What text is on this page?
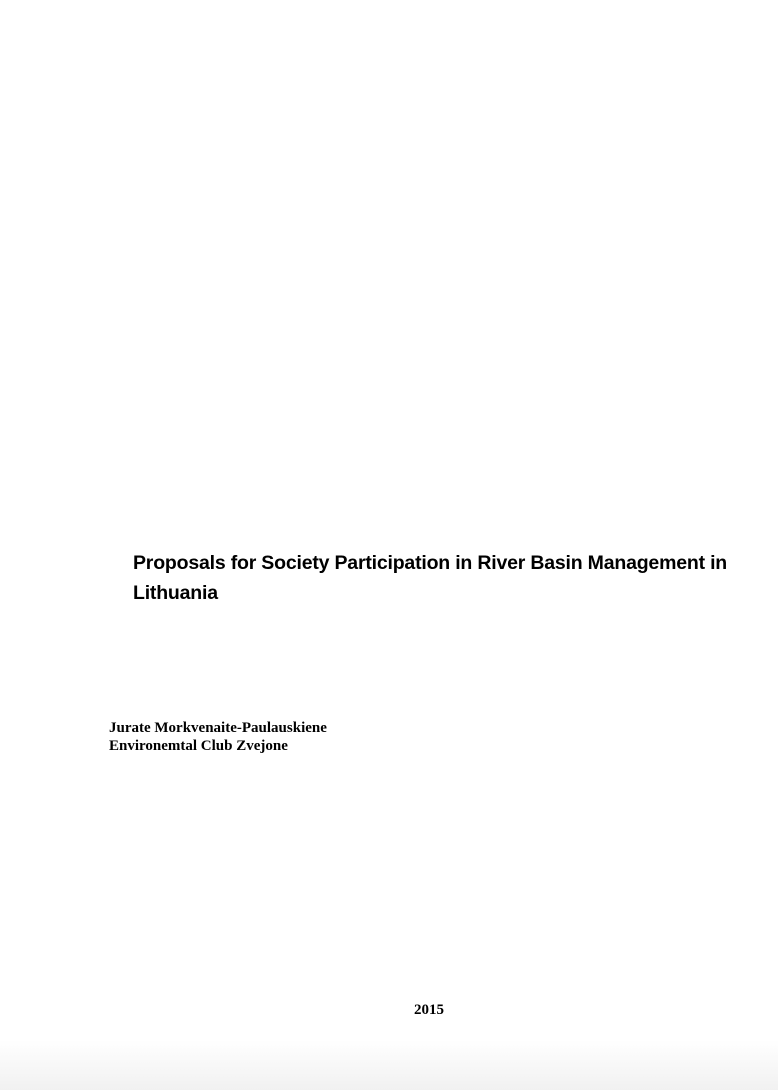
Proposals for Society Participation in River Basin Management in Lithuania
Jurate Morkvenaite-Paulauskiene
Environemtal Club Zvejone
2015
